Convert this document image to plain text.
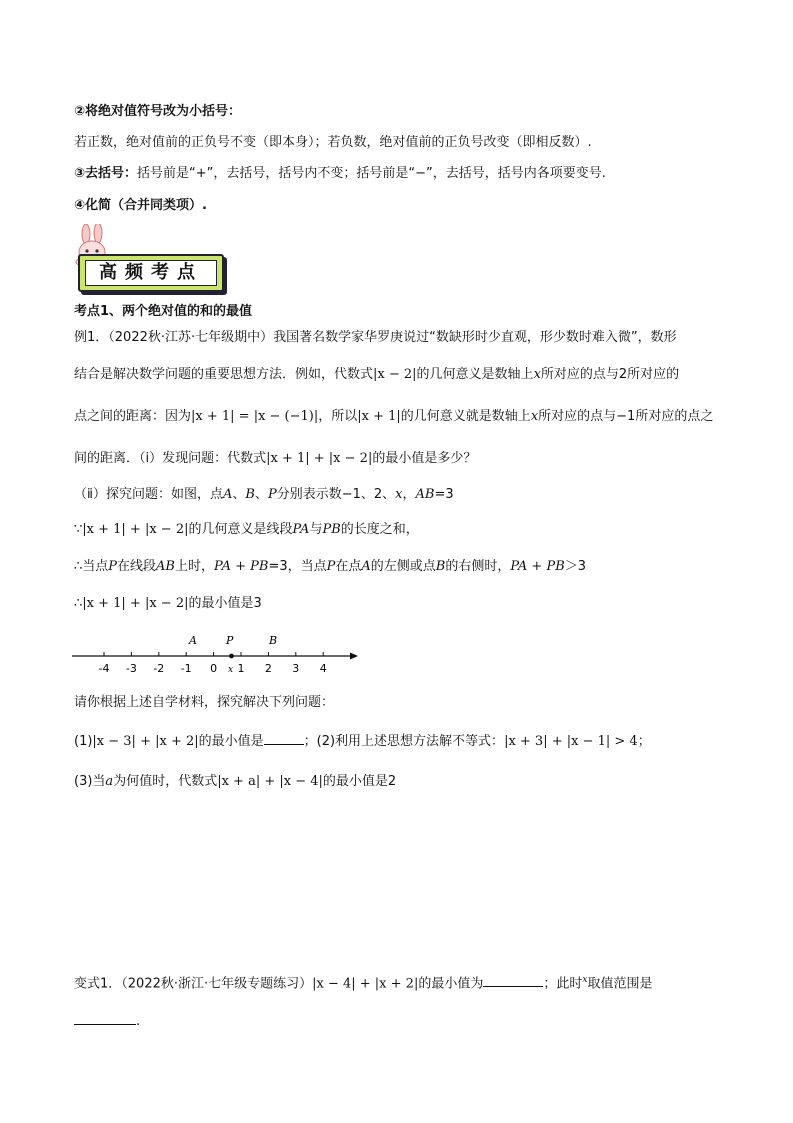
②将绝对值符号改为小括号：
若正数，绝对值前的正负号不变（即本身）；若负数，绝对值前的正负号改变（即相反数）.
③去括号：括号前是“+”，去括号，括号内不变；括号前是“−”，去括号，括号内各项要变号.
④化简（合并同类项）.
高频考点
考点1、两个绝对值的和的最值
例1．（2022秋·江苏·七年级期中）我国著名数学家华罗庚说过“数缺形时少直观，形少数时难入微”，数形
结合是解决数学问题的重要思想方法．例如，代数式|x − 2|的几何意义是数轴上x所对应的点与2所对应的
点之间的距离：因为|x + 1| = |x − (−1)|，所以|x + 1|的几何意义就是数轴上x所对应的点与−1所对应的点之
间的距离．（ⅰ）发现问题：代数式|x + 1| + |x − 2|的最小值是多少？
（ⅱ）探究问题：如图，点A、B、P分别表示数−1、2、x，AB=3
∵|x + 1| + |x − 2|的几何意义是线段PA与PB的长度之和，
∴当点P在线段AB上时，PA + PB=3，当点P在点A的左侧或点B的右侧时，PA + PB＞3
∴|x + 1| + |x − 2|的最小值是3
-4 -3 -2 -1 0 1 2 3 4
A	P	B
x
请你根据上述自学材料，探究解决下列问题：
(1)|x − 3| + |x + 2|的最小值是	；(2)利用上述思想方法解不等式：|x + 3| + |x − 1| > 4；
(3)当a为何值时，代数式|x + a| + |x − 4|的最小值是2
变式1．（2022秋·浙江·七年级专题练习）|x − 4| + |x + 2|的最小值为	；此时$^x$取值范围是
.
